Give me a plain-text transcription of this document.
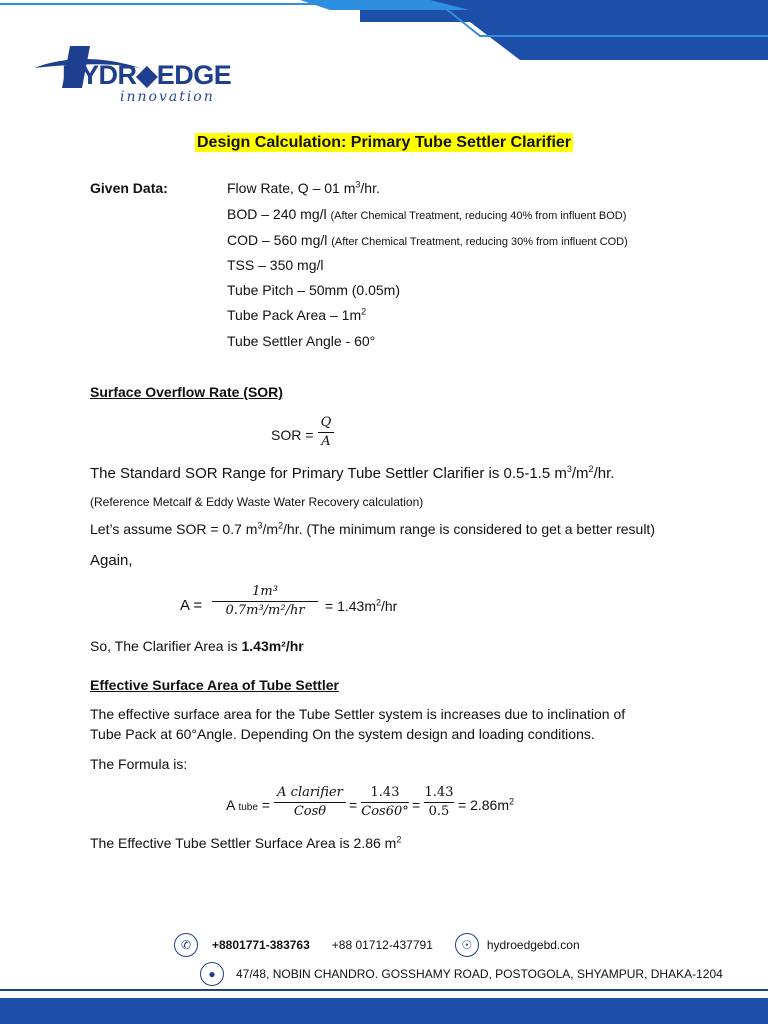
HYDR◆EDGE
innovation
Design Calculation: Primary Tube Settler Clarifier
Given Data:	Flow Rate, Q – 01 $m^3/hr$.
BOD – 240 mg/l (After Chemical Treatment, reducing 40% from influent BOD)
COD – 560 mg/l (After Chemical Treatment, reducing 30% from influent COD)
TSS – 350 mg/l
Tube Pitch – 50mm (0.05m)
Tube Pack Area – $1m^2$
Tube Settler Angle - 60°
Surface Overflow Rate (SOR)
SOR =
Q
A
The Standard SOR Range for Primary Tube Settler Clarifier is 0.5-1.5 $m^3/m^2/hr$.
(Reference Metcalf & Eddy Waste Water Recovery calculation)
Let’s assume SOR = 0.7 $m^3/m^2/hr$. (The minimum range is considered to get a better result)
Again,
A =
1m³
$0.7m^3/m^2/hr = 1.43m^2/hr$
So, The Clarifier Area is 1.43m²/hr
Effective Surface Area of Tube Settler
The effective surface area for the Tube Settler system is increases due to inclination of
Tube Pack at 60°Angle. Depending On the system design and loading conditions.
The Formula is:
A tube =
A clarifier
Cosθ =
1.43
Cos60° =
1.43
$0.5 = 2.86m^2$
The Effective Tube Settler Surface Area is 2.86 $m^2$
✆	+8801771-383763 +88 01712-437791	☉	hydroedgebd.con
●	47/48, NOBIN CHANDRO. GOSSHAMY ROAD, POSTOGOLA, SHYAMPUR, DHAKA-1204
